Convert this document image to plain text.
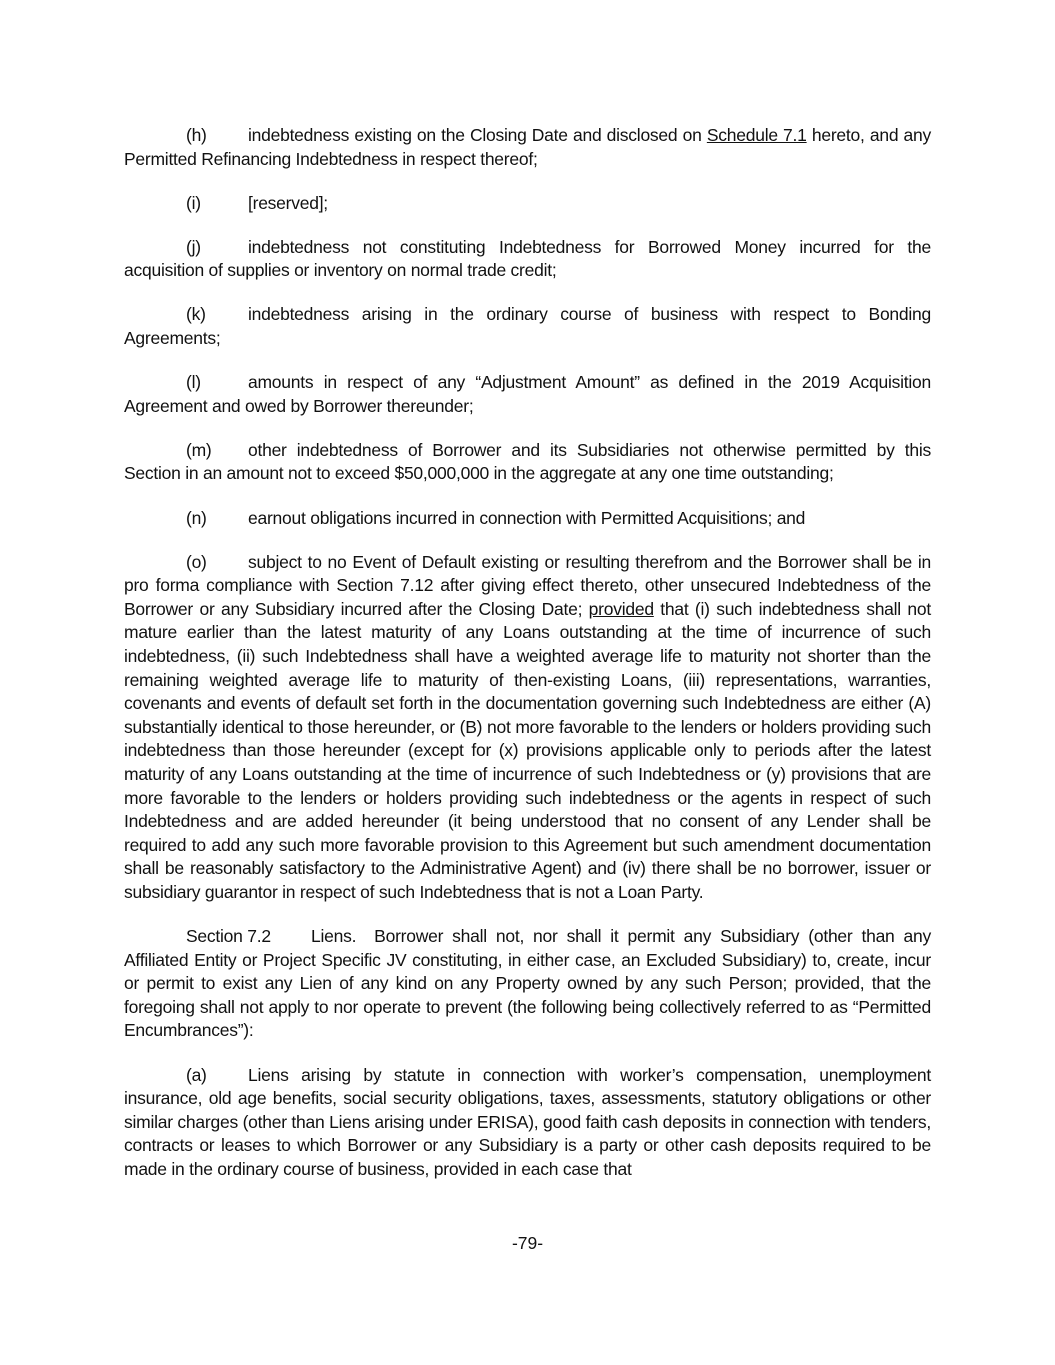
(h) indebtedness existing on the Closing Date and disclosed on Schedule 7.1 hereto, and any Permitted Refinancing Indebtedness in respect thereof;

(i)	[reserved];

(j)	indebtedness not constituting Indebtedness for Borrowed Money incurred for the acquisition of supplies or inventory on normal trade credit;

(k) indebtedness arising in the ordinary course of business with respect to Bonding Agreements;

(l)	amounts in respect of any “Adjustment Amount” as defined in the 2019 Acquisition Agreement and owed by Borrower thereunder;

(m) other indebtedness of Borrower and its Subsidiaries not otherwise permitted by this Section in an amount not to exceed $50,000,000 in the aggregate at any one time outstanding;

(n) earnout obligations incurred in connection with Permitted Acquisitions; and

(o) subject to no Event of Default existing or resulting therefrom and the Borrower shall be in pro forma compliance with Section 7.12 after giving effect thereto, other unsecured Indebtedness of the Borrower or any Subsidiary incurred after the Closing Date; provided that (i) such indebtedness shall not mature earlier than the latest maturity of any Loans outstanding at the time of incurrence of such indebtedness, (ii) such Indebtedness shall have a weighted average life to maturity not shorter than the remaining weighted average life to maturity of then-existing Loans, (iii) representations, warranties, covenants and events of default set forth in the documentation governing such Indebtedness are either (A) substantially identical to those hereunder, or (B) not more favorable to the lenders or holders providing such indebtedness than those hereunder (except for (x) provisions applicable only to periods after the latest maturity of any Loans outstanding at the time of incurrence of such Indebtedness or (y) provisions that are more favorable to the lenders or holders providing such indebtedness or the agents in respect of such Indebtedness and are added hereunder (it being understood that no consent of any Lender shall be required to add any such more favorable provision to this Agreement but such amendment documentation shall be reasonably satisfactory to the Administrative Agent) and (iv) there shall be no borrower, issuer or subsidiary guarantor in respect of such Indebtedness that is not a Loan Party.

Section 7.2 Liens. Borrower shall not, nor shall it permit any Subsidiary (other than any Affiliated Entity or Project Specific JV constituting, in either case, an Excluded Subsidiary) to, create, incur or permit to exist any Lien of any kind on any Property owned by any such Person; provided, that the foregoing shall not apply to nor operate to prevent (the following being collectively referred to as “Permitted Encumbrances”):

(a) Liens arising by statute in connection with worker’s compensation, unemployment insurance, old age benefits, social security obligations, taxes, assessments, statutory obligations or other similar charges (other than Liens arising under ERISA), good faith cash deposits in connection with tenders, contracts or leases to which Borrower or any Subsidiary is a party or other cash deposits required to be made in the ordinary course of business, provided in each case that

-79-
